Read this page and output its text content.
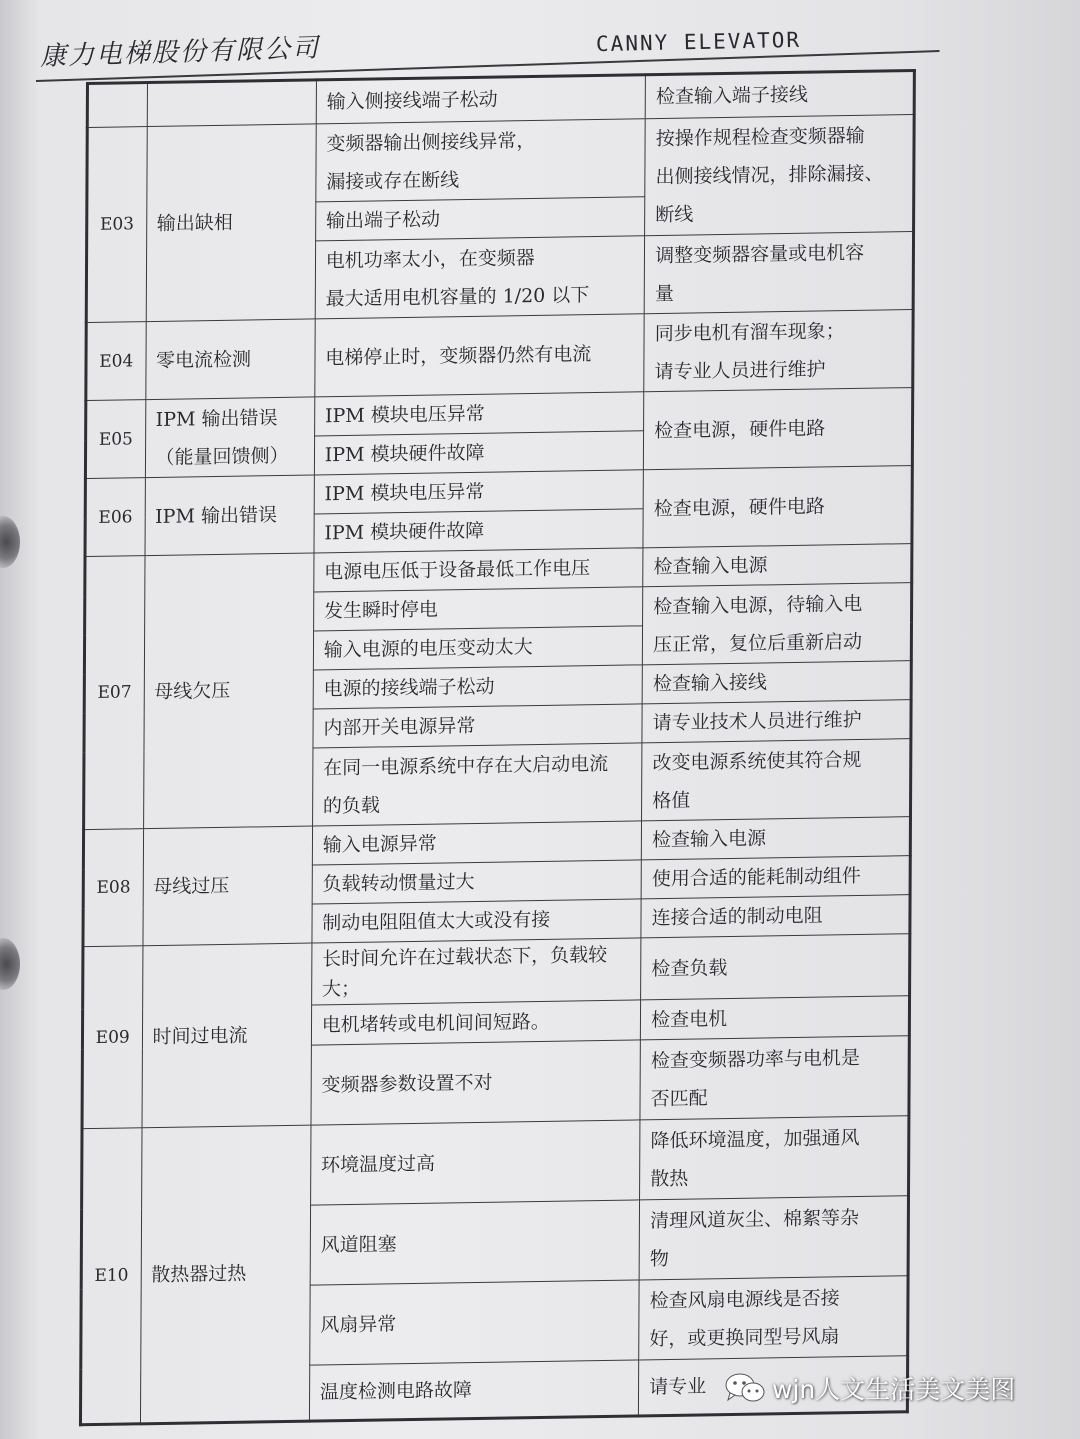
康力电梯股份有限公司	CANNY ELEVATOR
		输入侧接线端子松动	检查输入端子接线
E03	输出缺相	变频器输出侧接线异常，
漏接或存在断线	按操作规程检查变频器输
出侧接线情况，排除漏接、
断线

		输出端子松动	

		电机功率太小，在变频器
最大适用电机容量的 1/20 以下	调整变频器容量或电机容
量

E04	零电流检测	电梯停止时，变频器仍然有电流	同步电机有溜车现象；
请专业人员进行维护

E05	IPM 输出错误
（能量回馈侧）	IPM 模块电压异常	检查电源，硬件电路
		IPM 模块硬件故障	
E06	IPM 输出错误	IPM 模块电压异常	检查电源，硬件电路
		IPM 模块硬件故障	
E07	母线欠压	电源电压低于设备最低工作电压	检查输入电源
		发生瞬时停电	检查输入电源，待输入电
压正常，复位后重新启动

		输入电源的电压变动太大	
		电源的接线端子松动	检查输入接线
		内部开关电源异常	请专业技术人员进行维护

		在同一电源系统中存在大启动电流
的负载	改变电源系统使其符合规
格值

E08	母线过压	输入电源异常	检查输入电源
		负载转动惯量过大	使用合适的能耗制动组件
		制动电阻阻值太大或没有接	连接合适的制动电阻
E09	时间过电流	长时间允许在过载状态下，负载较
大；	检查负载
		电机堵转或电机间间短路。	检查电机
		变频器参数设置不对	检查变频器功率与电机是
否匹配

E10	散热器过热	环境温度过高	降低环境温度，加强通风
散热

		风道阻塞	清理风道灰尘、棉絮等杂
物

		风扇异常	检查风扇电源线是否接
好，或更换同型号风扇

		温度检测电路故障	请专业	wjn人文生活美文美图
